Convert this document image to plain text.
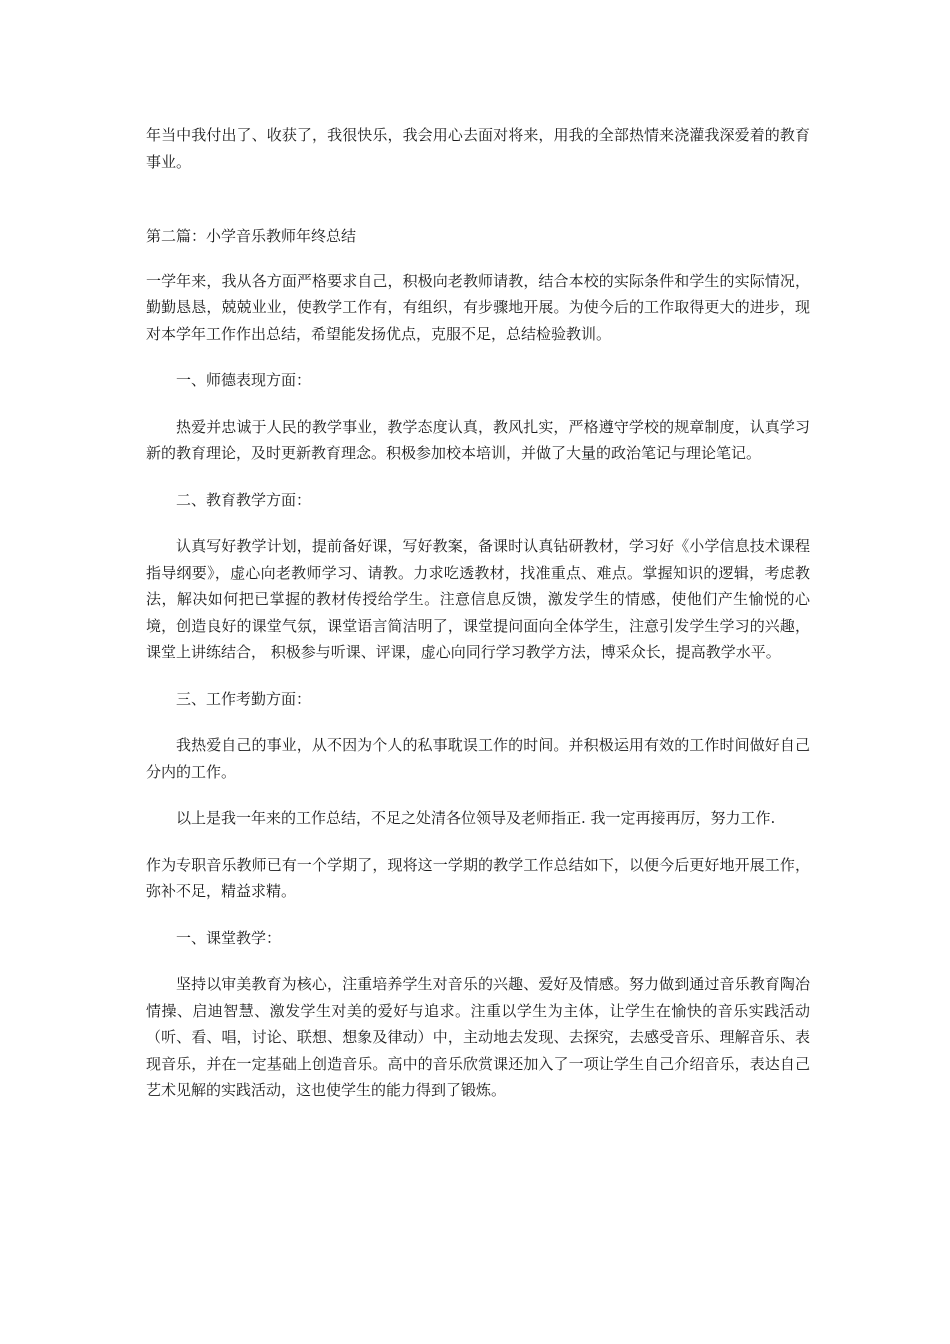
年当中我付出了、收获了，我很快乐，我会用心去面对将来，用我的全部热情来浇灌我深爱着的教育事业。

第二篇：小学音乐教师年终总结

一学年来，我从各方面严格要求自己，积极向老教师请教，结合本校的实际条件和学生的实际情况，勤勤恳恳，兢兢业业，使教学工作有，有组织，有步骤地开展。为使今后的工作取得更大的进步，现对本学年工作作出总结，希望能发扬优点，克服不足，总结检验教训。

一、师德表现方面：

热爱并忠诚于人民的教学事业，教学态度认真，教风扎实，严格遵守学校的规章制度，认真学习新的教育理论，及时更新教育理念。积极参加校本培训，并做了大量的政治笔记与理论笔记。

二、教育教学方面：

认真写好教学计划，提前备好课，写好教案，备课时认真钻研教材，学习好《小学信息技术课程指导纲要》，虚心向老教师学习、请教。力求吃透教材，找准重点、难点。掌握知识的逻辑，考虑教法，解决如何把已掌握的教材传授给学生。注意信息反馈，激发学生的情感，使他们产生愉悦的心境，创造良好的课堂气氛，课堂语言简洁明了，课堂提问面向全体学生，注意引发学生学习的兴趣，课堂上讲练结合， 积极参与听课、评课，虚心向同行学习教学方法，博采众长，提高教学水平。

三、工作考勤方面：

我热爱自己的事业，从不因为个人的私事耽误工作的时间。并积极运用有效的工作时间做好自己分内的工作。

以上是我一年来的工作总结，不足之处清各位领导及老师指正. 我一定再接再厉，努力工作.

作为专职音乐教师已有一个学期了，现将这一学期的教学工作总结如下，以便今后更好地开展工作，弥补不足，精益求精。

一、课堂教学：

坚持以审美教育为核心，注重培养学生对音乐的兴趣、爱好及情感。努力做到通过音乐教育陶冶情操、启迪智慧、激发学生对美的爱好与追求。注重以学生为主体，让学生在愉快的音乐实践活动（听、看、唱，讨论、联想、想象及律动）中，主动地去发现、去探究，去感受音乐、理解音乐、表现音乐，并在一定基础上创造音乐。高中的音乐欣赏课还加入了一项让学生自己介绍音乐，表达自己艺术见解的实践活动，这也使学生的能力得到了锻炼。
